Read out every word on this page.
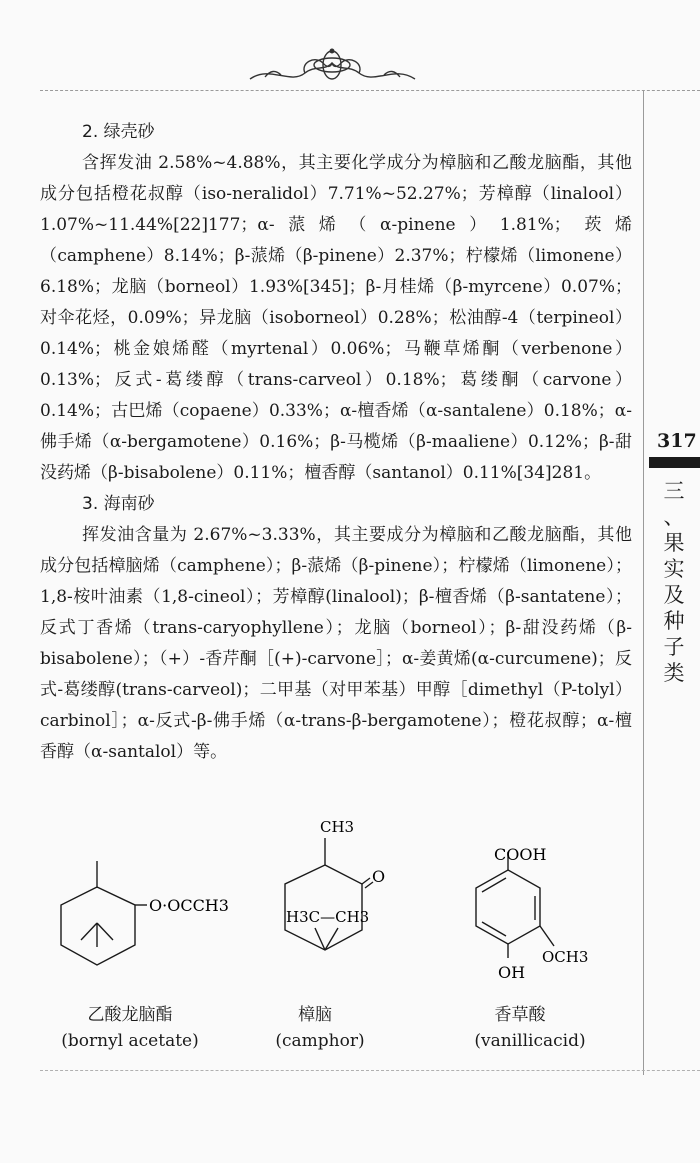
2. 绿壳砂

含挥发油 2.58%~4.88%，其主要化学成分为樟脑和乙酸龙脑酯，其他成分包括橙花叔醇（iso-neralidol）7.71%~52.27%；芳樟醇（linalool）1.07%~11.44%[22]177；α-蒎烯（α-pinene）1.81%；莰烯（camphene）8.14%；β-蒎烯（β-pinene）2.37%；柠檬烯（limonene）6.18%；龙脑（borneol）1.93%[345]；β-月桂烯（β-myrcene）0.07%；对伞花烃，0.09%；异龙脑（isoborneol）0.28%；松油醇-4（terpineol）0.14%；桃金娘烯醛（myrtenal）0.06%；马鞭草烯酮（verbenone）0.13%；反式-葛缕醇（trans-carveol）0.18%；葛缕酮（carvone）0.14%；古巴烯（copaene）0.33%；α-檀香烯（α-santalene）0.18%；α-佛手烯（α-bergamotene）0.16%；β-马榄烯（β-maaliene）0.12%；β-甜没药烯（β-bisabolene）0.11%；檀香醇（santanol）0.11%[34]281。

3. 海南砂

挥发油含量为 2.67%~3.33%，其主要成分为樟脑和乙酸龙脑酯，其他成分包括樟脑烯（camphene）；β-蒎烯（β-pinene）；柠檬烯（limonene）；1,8-桉叶油素（1,8-cineol）；芳樟醇(linalool)；β-檀香烯（β-santatene）；反式丁香烯（trans-caryophyllene）；龙脑（borneol）；β-甜没药烯（β-bisabolene）；（+）-香芹酮［(+)-carvone］；α-姜黄烯(α-curcumene)；反式-葛缕醇(trans-carveol)；二甲基（对甲苯基）甲醇［dimethyl（P-tolyl）carbinol］；α-反式-β-佛手烯（α-trans-β-bergamotene）；橙花叔醇；α-檀香醇（α-santalol）等。

317
三
、
果
实
及
种
子
类
O·OCCH3
乙酸龙脑酯
(bornyl acetate)
CH3
O
H3C—CH3
樟脑
(camphor)
COOH
OCH3
OH
香草酸
(vanillicacid)
